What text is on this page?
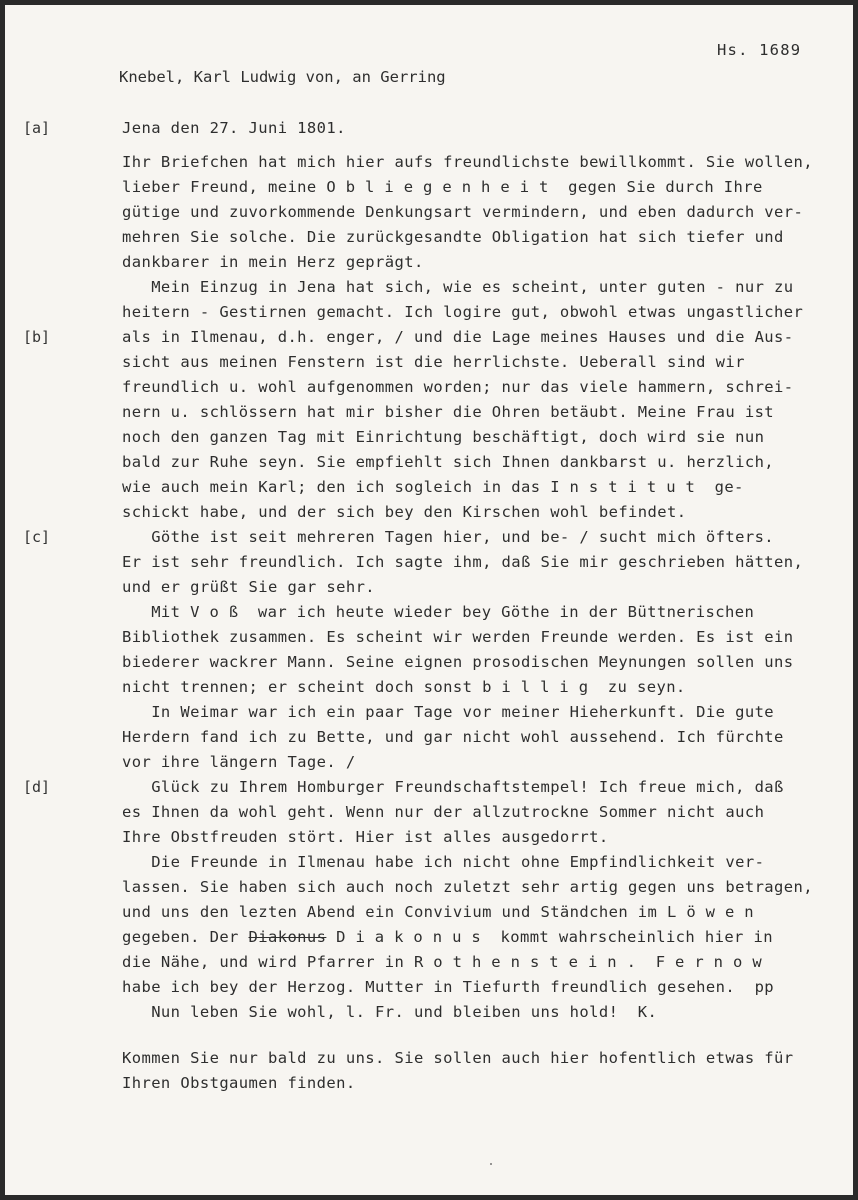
Hs. 1689
Knebel, Karl Ludwig von, an Gerring
[a]
[b]
[c]
[d]
Jena den 27. Juni 1801.
Ihr Briefchen hat mich hier aufs freundlichste bewillkommt. Sie wollen,
lieber Freund, meine Obliegenheit gegen Sie durch Ihre
gütige und zuvorkommende Denkungsart vermindern, und eben dadurch ver-
mehren Sie solche. Die zurückgesandte Obligation hat sich tiefer und
dankbarer in mein Herz geprägt.
Mein Einzug in Jena hat sich, wie es scheint, unter guten - nur zu
heitern - Gestirnen gemacht. Ich logire gut, obwohl etwas ungastlicher
als in Ilmenau, d.h. enger, / und die Lage meines Hauses und die Aus-
sicht aus meinen Fenstern ist die herrlichste. Ueberall sind wir
freundlich u. wohl aufgenommen worden; nur das viele hammern, schrei-
nern u. schlössern hat mir bisher die Ohren betäubt. Meine Frau ist
noch den ganzen Tag mit Einrichtung beschäftigt, doch wird sie nun
bald zur Ruhe seyn. Sie empfiehlt sich Ihnen dankbarst u. herzlich,
wie auch mein Karl; den ich sogleich in das Institut ge-
schickt habe, und der sich bey den Kirschen wohl befindet.
Göthe ist seit mehreren Tagen hier, und be- / sucht mich öfters.
Er ist sehr freundlich. Ich sagte ihm, daß Sie mir geschrieben hätten,
und er grüßt Sie gar sehr.
Mit Voß war ich heute wieder bey Göthe in der Büttnerischen
Bibliothek zusammen. Es scheint wir werden Freunde werden. Es ist ein
biederer wackrer Mann. Seine eignen prosodischen Meynungen sollen uns
nicht trennen; er scheint doch sonst billig zu seyn.
In Weimar war ich ein paar Tage vor meiner Hieherkunft. Die gute
Herdern fand ich zu Bette, und gar nicht wohl aussehend. Ich fürchte
vor ihre längern Tage. /
Glück zu Ihrem Homburger Freundschaftstempel! Ich freue mich, daß
es Ihnen da wohl geht. Wenn nur der allzutrockne Sommer nicht auch
Ihre Obstfreuden stört. Hier ist alles ausgedorrt.
Die Freunde in Ilmenau habe ich nicht ohne Empfindlichkeit ver-
lassen. Sie haben sich auch noch zuletzt sehr artig gegen uns betragen,
und uns den lezten Abend ein Convivium und Ständchen im Löwen
gegeben. Der Diakonus Diakonus kommt wahrscheinlich hier in
die Nähe, und wird Pfarrer in Rothenstein. Fernow
habe ich bey der Herzog. Mutter in Tiefurth freundlich gesehen.  pp
Nun leben Sie wohl, l. Fr. und bleiben uns hold!  K.
Kommen Sie nur bald zu uns. Sie sollen auch hier hofentlich etwas für
Ihren Obstgaumen finden.
